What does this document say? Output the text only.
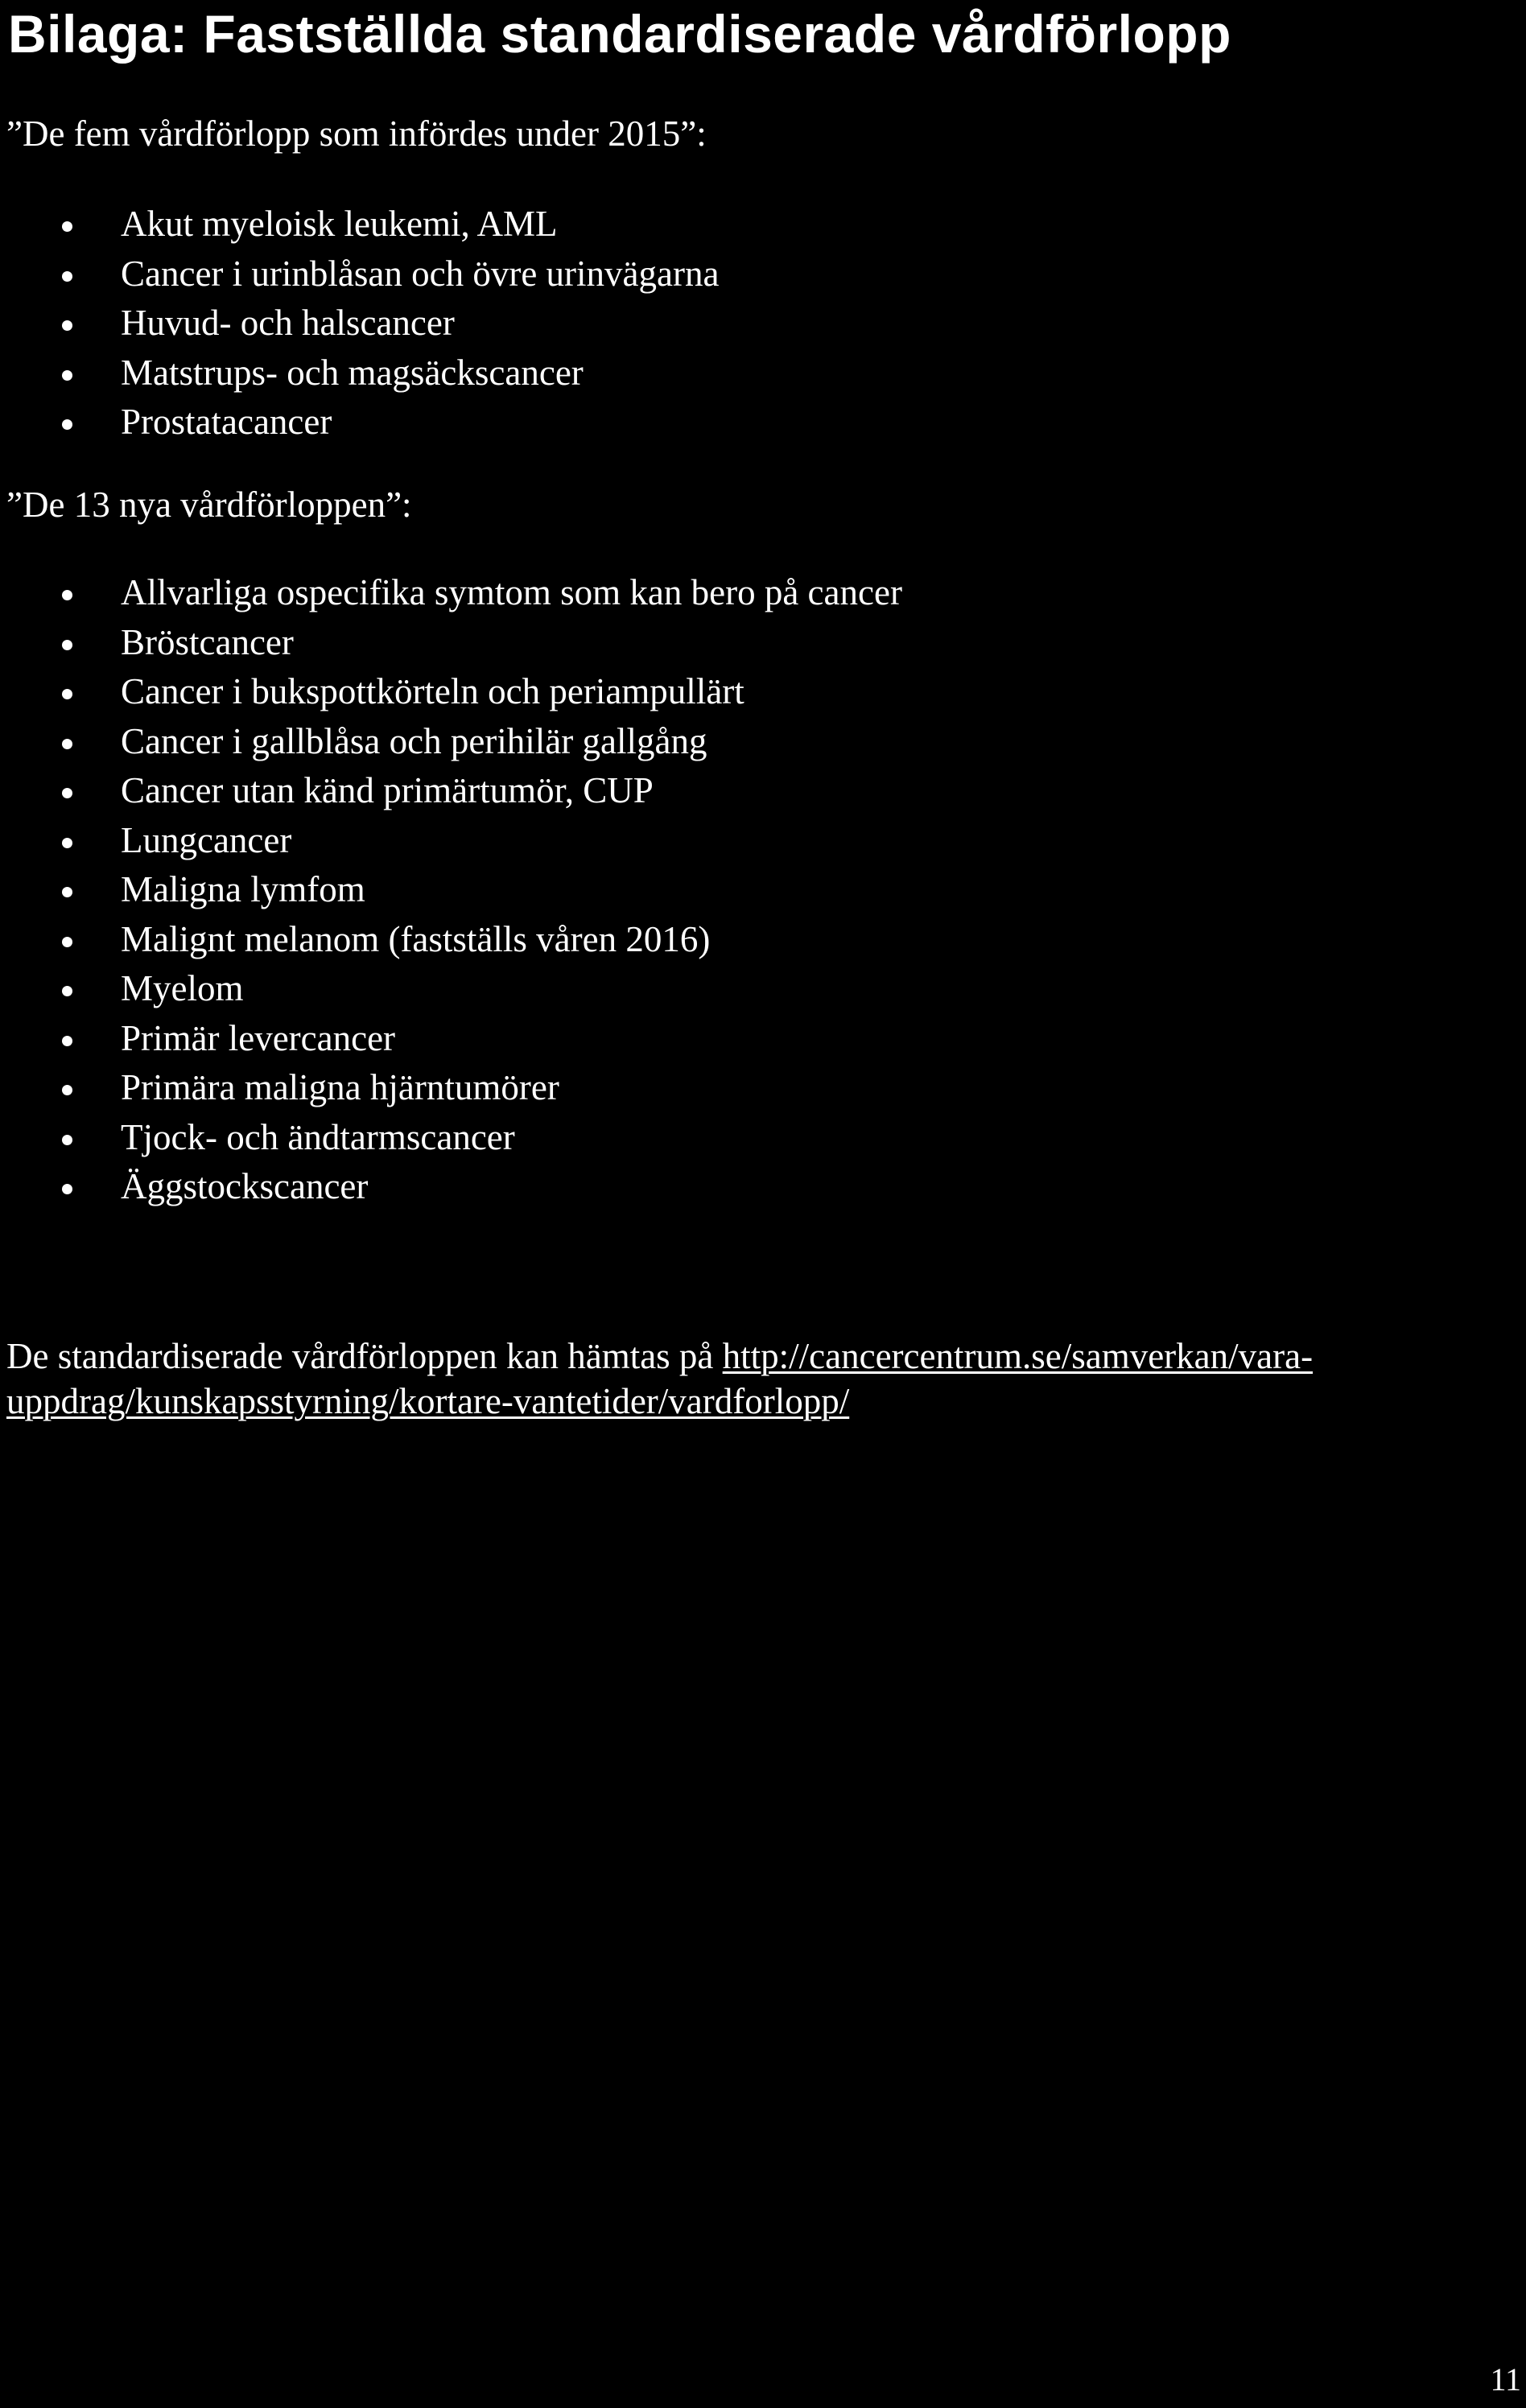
Bilaga: Fastställda standardiserade vårdförlopp

”De fem vårdförlopp som infördes under 2015”:

Akut myeloisk leukemi, AML
Cancer i urinblåsan och övre urinvägarna
Huvud- och halscancer
Matstrups- och magsäckscancer
Prostatacancer

”De 13 nya vårdförloppen”:

Allvarliga ospecifika symtom som kan bero på cancer
Bröstcancer
Cancer i bukspottkörteln och periampullärt
Cancer i gallblåsa och perihilär gallgång
Cancer utan känd primärtumör, CUP
Lungcancer
Maligna lymfom
Malignt melanom (fastställs våren 2016)
Myelom
Primär levercancer
Primära maligna hjärntumörer
Tjock- och ändtarmscancer
Äggstockscancer

De standardiserade vårdförloppen kan hämtas på http://cancercentrum.se/samverkan/vara-
uppdrag/kunskapsstyrning/kortare-vantetider/vardforlopp/

11
